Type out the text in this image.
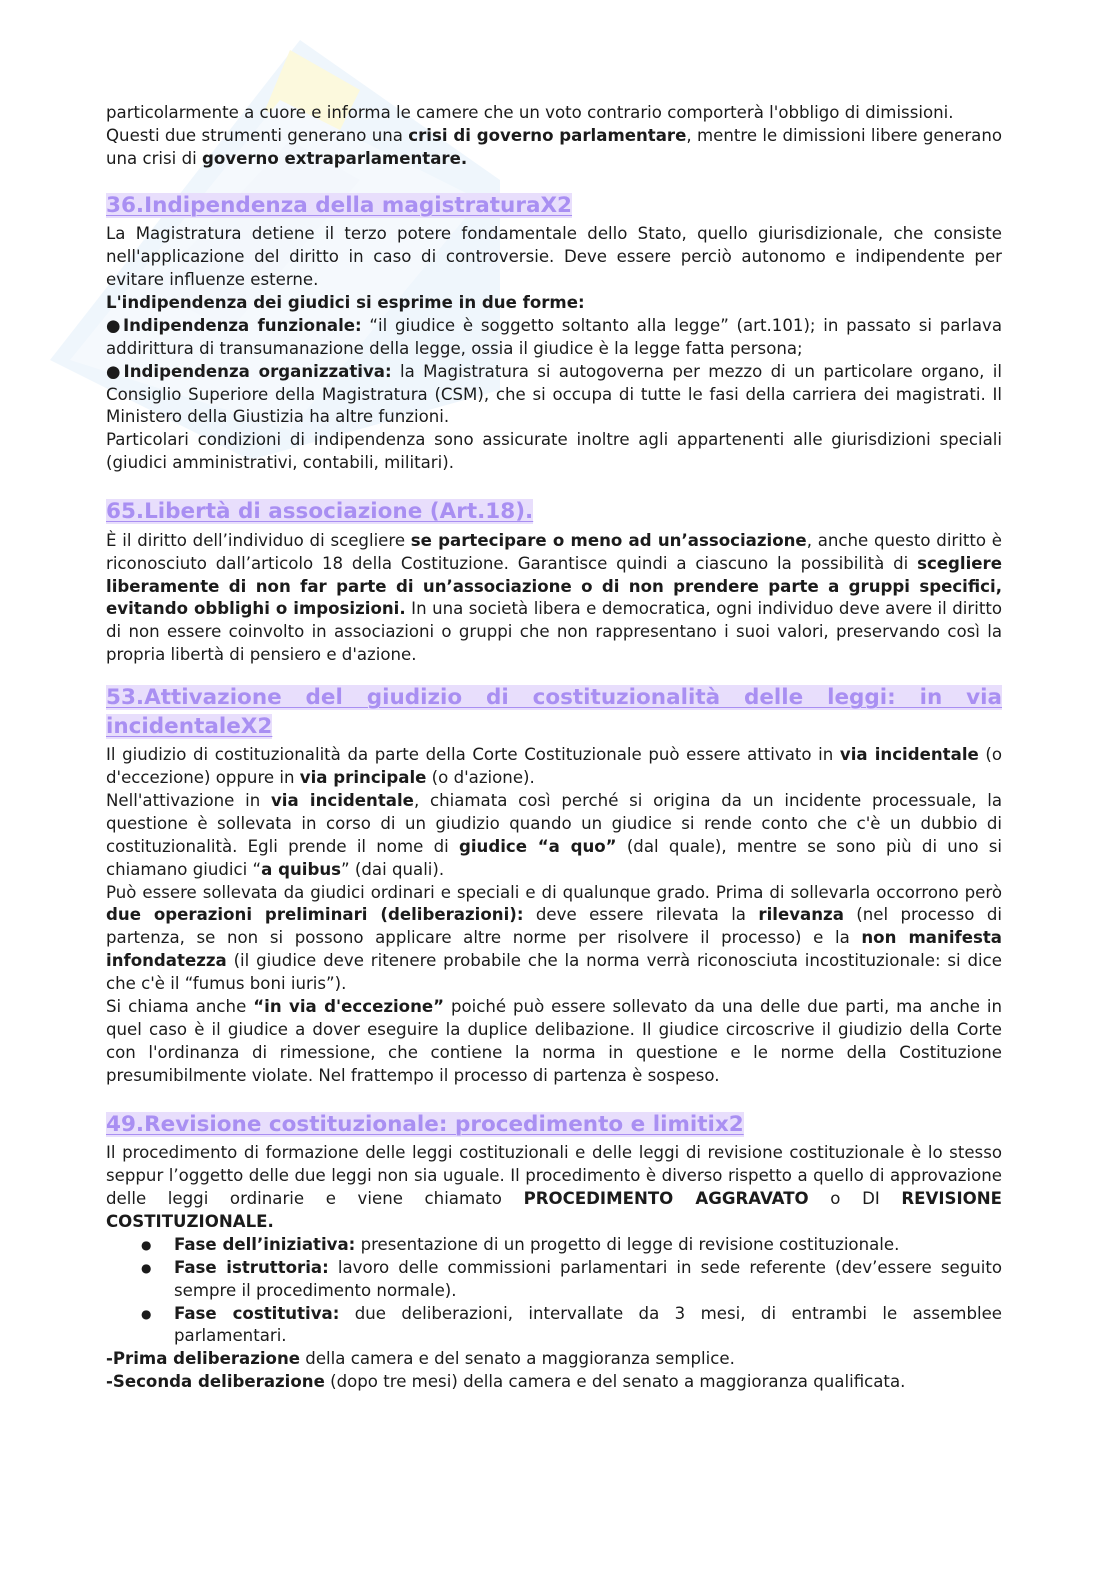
particolarmente a cuore e informa le camere che un voto contrario comporterà l'obbligo di dimissioni.

Questi due strumenti generano una crisi di governo parlamentare, mentre le dimissioni libere generano una crisi di governo extraparlamentare.

36.Indipendenza della magistraturaX2

La Magistratura detiene il terzo potere fondamentale dello Stato, quello giurisdizionale, che consiste nell'applicazione del diritto in caso di controversie. Deve essere perciò autonomo e indipendente per evitare influenze esterne.

L'indipendenza dei giudici si esprime in due forme:

●Indipendenza funzionale: “il giudice è soggetto soltanto alla legge” (art.101); in passato si parlava addirittura di transumanazione della legge, ossia il giudice è la legge fatta persona;

●Indipendenza organizzativa: la Magistratura si autogoverna per mezzo di un particolare organo, il Consiglio Superiore della Magistratura (CSM), che si occupa di tutte le fasi della carriera dei magistrati. Il Ministero della Giustizia ha altre funzioni.

Particolari condizioni di indipendenza sono assicurate inoltre agli appartenenti alle giurisdizioni speciali (giudici amministrativi, contabili, militari).

65.Libertà di associazione (Art.18).

È il diritto dell’individuo di scegliere se partecipare o meno ad un’associazione, anche questo diritto è riconosciuto dall’articolo 18 della Costituzione. Garantisce quindi a ciascuno la possibilità di scegliere liberamente di non far parte di un’associazione o di non prendere parte a gruppi specifici, evitando obblighi o imposizioni. In una società libera e democratica, ogni individuo deve avere il diritto di non essere coinvolto in associazioni o gruppi che non rappresentano i suoi valori, preservando così la propria libertà di pensiero e d'azione.

53.Attivazione del giudizio di costituzionalità delle leggi: in via incidentaleX2

Il giudizio di costituzionalità da parte della Corte Costituzionale può essere attivato in via incidentale (o d'eccezione) oppure in via principale (o d'azione).

Nell'attivazione in via incidentale, chiamata così perché si origina da un incidente processuale, la questione è sollevata in corso di un giudizio quando un giudice si rende conto che c'è un dubbio di costituzionalità. Egli prende il nome di giudice “a quo” (dal quale), mentre se sono più di uno si chiamano giudici “a quibus” (dai quali).

Può essere sollevata da giudici ordinari e speciali e di qualunque grado. Prima di sollevarla occorrono però due operazioni preliminari (deliberazioni): deve essere rilevata la rilevanza (nel processo di partenza, se non si possono applicare altre norme per risolvere il processo) e la non manifesta infondatezza (il giudice deve ritenere probabile che la norma verrà riconosciuta incostituzionale: si dice che c'è il “fumus boni iuris”).

Si chiama anche “in via d'eccezione” poiché può essere sollevato da una delle due parti, ma anche in quel caso è il giudice a dover eseguire la duplice delibazione. Il giudice circoscrive il giudizio della Corte con l'ordinanza di rimessione, che contiene la norma in questione e le norme della Costituzione presumibilmente violate. Nel frattempo il processo di partenza è sospeso.

49.Revisione costituzionale: procedimento e limitix2

Il procedimento di formazione delle leggi costituzionali e delle leggi di revisione costituzionale è lo stesso seppur l’oggetto delle due leggi non sia uguale. Il procedimento è diverso rispetto a quello di approvazione delle leggi ordinarie e viene chiamato PROCEDIMENTO AGGRAVATO o DI REVISIONE COSTITUZIONALE.

● Fase dell’iniziativa: presentazione di un progetto di legge di revisione costituzionale.
● Fase istruttoria: lavoro delle commissioni parlamentari in sede referente (dev’essere seguito sempre il procedimento normale).
● Fase costitutiva: due deliberazioni, intervallate da 3 mesi, di entrambi le assemblee parlamentari.

-Prima deliberazione della camera e del senato a maggioranza semplice.

-Seconda deliberazione (dopo tre mesi) della camera e del senato a maggioranza qualificata.
